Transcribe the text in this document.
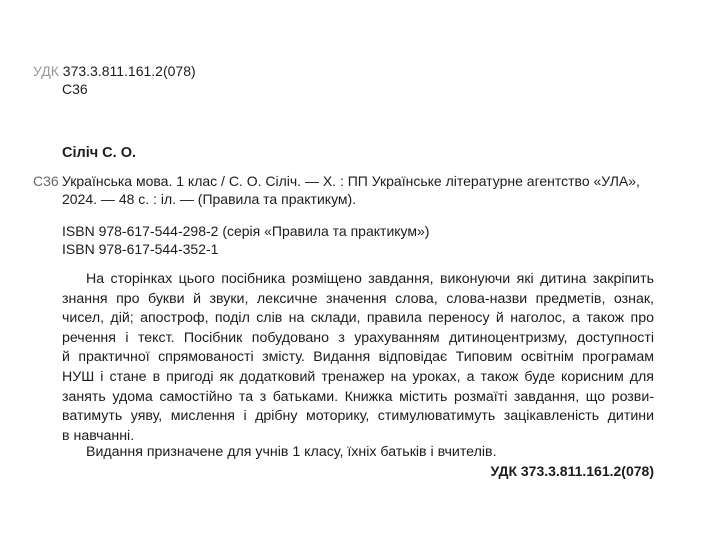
УДК 373.3.811.161.2(078)
С36
Сіліч С. О.
С36 Українська мова. 1 клас / С. О. Сіліч. — Х. : ПП Українське літературне агентство «УЛА»,
2024. — 48 с. : іл. — (Правила та практикум).
ISBN 978-617-544-298-2 (серія «Правила та практикум»)
ISBN 978-617-544-352-1
На сторінках цього посібника розміщено завдання, виконуючи які дитина закріпить
знання про букви й звуки, лексичне значення слова, слова-назви предметів, ознак,
чисел, дій; апостроф, поділ слів на склади, правила переносу й наголос, а також про
речення і текст. Посібник побудовано з урахуванням дитиноцентризму, доступності
й практичної спрямованості змісту. Видання відповідає Типовим освітнім програмам
НУШ і стане в пригоді як додатковий тренажер на уроках, а також буде корисним для
занять удома самостійно та з батьками. Книжка містить розмаїті завдання, що розви-
ватимуть уяву, мислення і дрібну моторику, стимулюватимуть зацікавленість дитини
в навчанні.
Видання призначене для учнів 1 класу, їхніх батьків і вчителів.
УДК 373.3.811.161.2(078)
